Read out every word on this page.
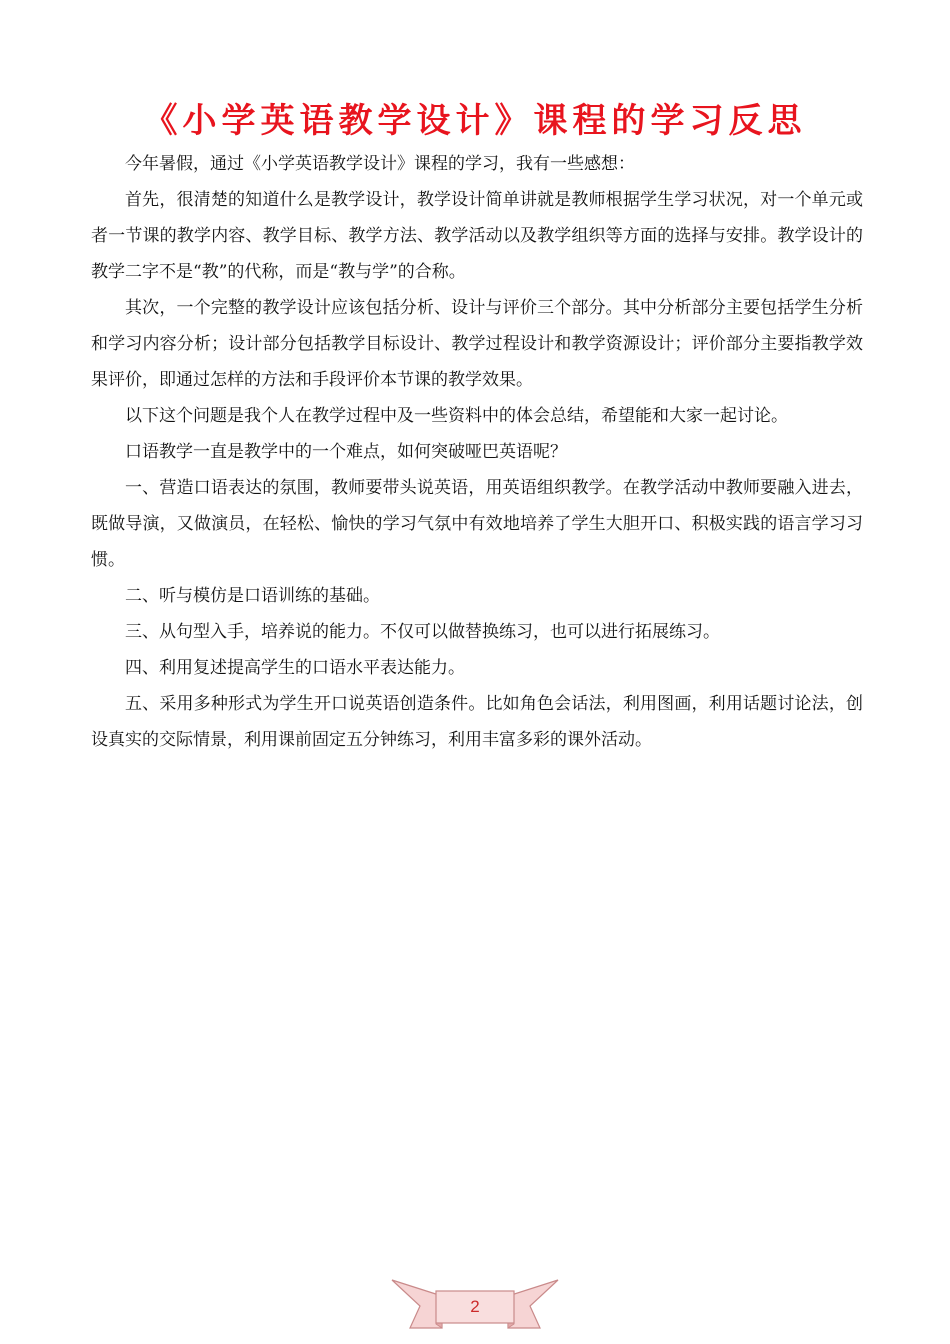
《小学英语教学设计》课程的学习反思

今年暑假，通过《小学英语教学设计》课程的学习，我有一些感想：

首先，很清楚的知道什么是教学设计，教学设计简单讲就是教师根据学生学习状况，对一个单元或者一节课的教学内容、教学目标、教学方法、教学活动以及教学组织等方面的选择与安排。教学设计的教学二字不是“教”的代称，而是“教与学”的合称。

其次，一个完整的教学设计应该包括分析、设计与评价三个部分。其中分析部分主要包括学生分析和学习内容分析；设计部分包括教学目标设计、教学过程设计和教学资源设计；评价部分主要指教学效果评价，即通过怎样的方法和手段评价本节课的教学效果。

以下这个问题是我个人在教学过程中及一些资料中的体会总结，希望能和大家一起讨论。

口语教学一直是教学中的一个难点，如何突破哑巴英语呢？

一、营造口语表达的氛围，教师要带头说英语，用英语组织教学。在教学活动中教师要融入进去，既做导演，又做演员，在轻松、愉快的学习气氛中有效地培养了学生大胆开口、积极实践的语言学习习惯。

二、听与模仿是口语训练的基础。

三、从句型入手，培养说的能力。不仅可以做替换练习，也可以进行拓展练习。

四、利用复述提高学生的口语水平表达能力。

五、采用多种形式为学生开口说英语创造条件。比如角色会话法，利用图画，利用话题讨论法，创设真实的交际情景，利用课前固定五分钟练习，利用丰富多彩的课外活动。

2
